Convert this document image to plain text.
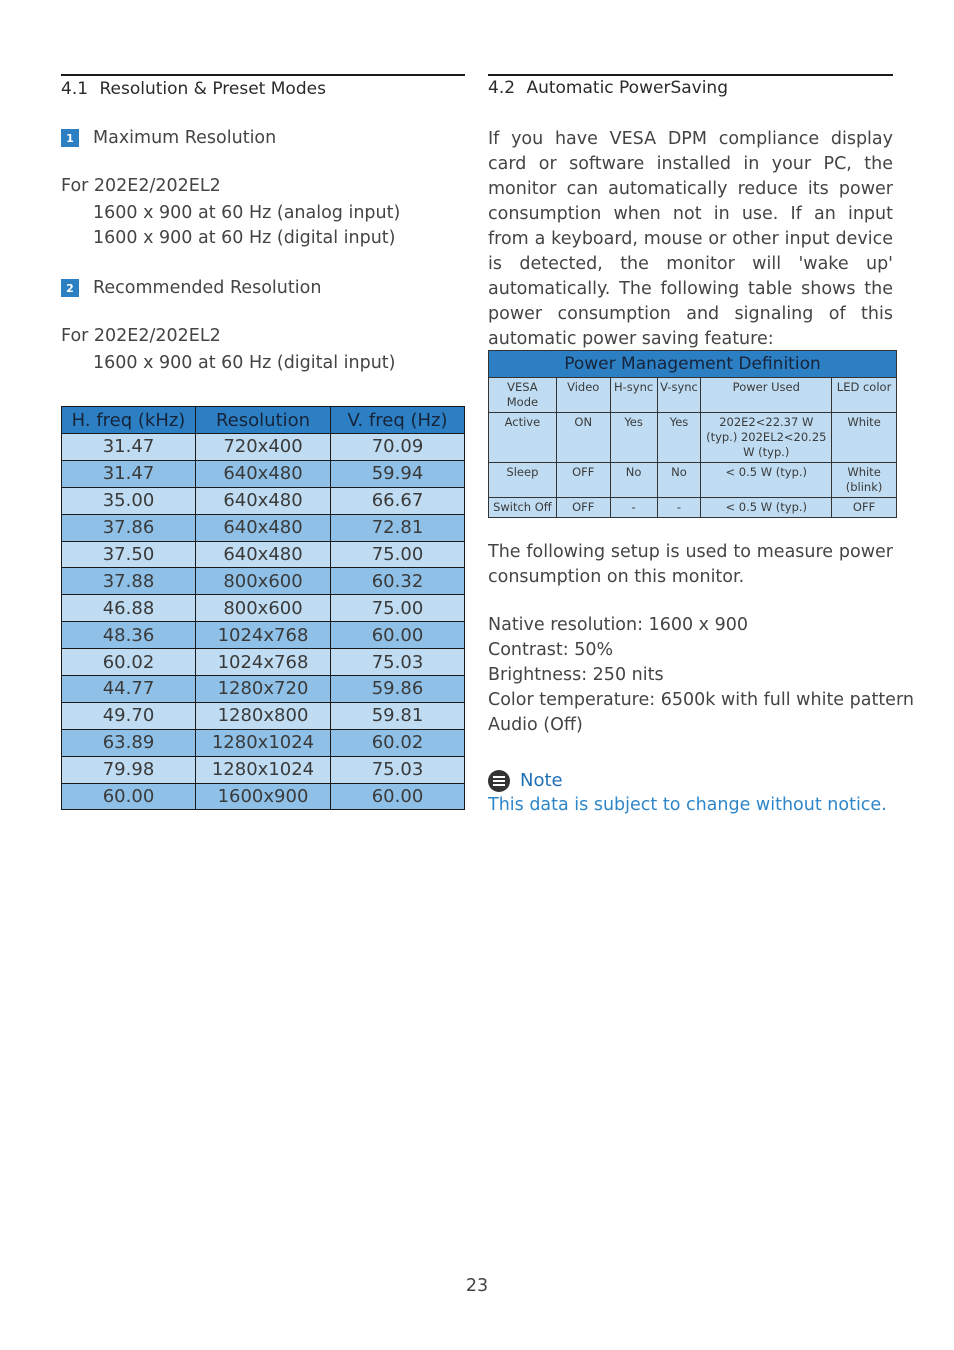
4.1 Resolution & Preset Modes
1 Maximum Resolution
For 202E2/202EL2
1600 x 900 at 60 Hz (analog input)
1600 x 900 at 60 Hz (digital input)
2 Recommended Resolution
For 202E2/202EL2
1600 x 900 at 60 Hz (digital input)
H. freq (kHz)	Resolution	V. freq (Hz)
31.47	720x400	70.09
31.47	640x480	59.94
35.00	640x480	66.67
37.86	640x480	72.81
37.50	640x480	75.00
37.88	800x600	60.32
46.88	800x600	75.00
48.36	1024x768	60.00
60.02	1024x768	75.03
44.77	1280x720	59.86
49.70	1280x800	59.81
63.89	1280x1024	60.02
79.98	1280x1024	75.03
60.00	1600x900	60.00
4.2 Automatic PowerSaving
If you have VESA DPM compliance display card or software installed in your PC, the monitor can automatically reduce its power consumption when not in use. If an input from a keyboard, mouse or other input device is detected, the monitor will 'wake up' automatically. The following table shows the power consumption and signaling of this automatic power saving feature:
Power Management Definition					
VESA Mode	Video	H-sync	V-sync	Power Used	LED color
Active	ON	Yes	Yes	202E2<22.37 W (typ.) 202EL2<20.25 W (typ.)	White
Sleep	OFF	No	No	< 0.5 W (typ.)	White (blink)
Switch Off	OFF	-	-	< 0.5 W (typ.)	OFF
The following setup is used to measure power consumption on this monitor.
Native resolution: 1600 x 900
Contrast: 50%
Brightness: 250 nits
Color temperature: 6500k with full white pattern
Audio (Off)
Note
This data is subject to change without notice.
23
